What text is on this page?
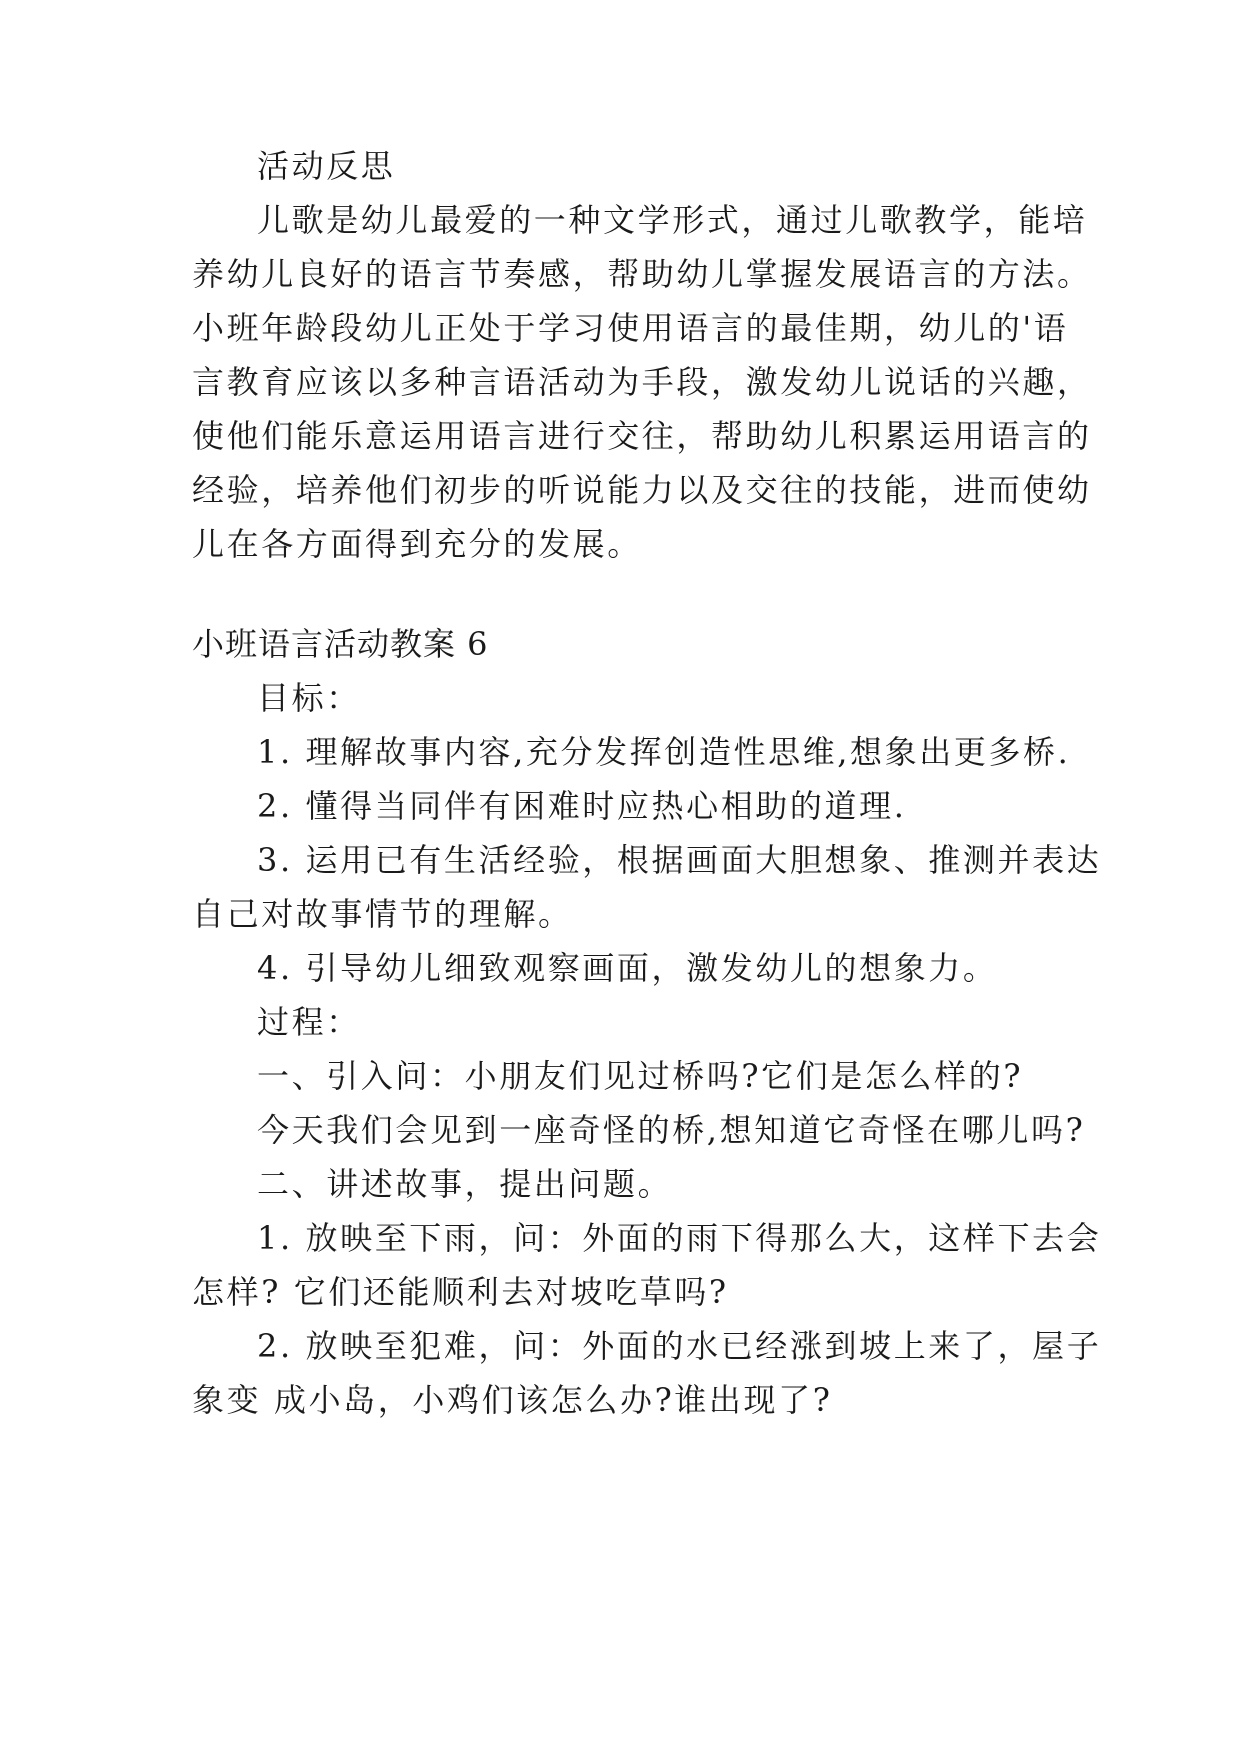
活动反思
儿歌是幼儿最爱的一种文学形式，通过儿歌教学，能培
养幼儿良好的语言节奏感，帮助幼儿掌握发展语言的方法。
小班年龄段幼儿正处于学习使用语言的最佳期，幼儿的'语
言教育应该以多种言语活动为手段，激发幼儿说话的兴趣，
使他们能乐意运用语言进行交往，帮助幼儿积累运用语言的
经验，培养他们初步的听说能力以及交往的技能，进而使幼
儿在各方面得到充分的发展。
小班语言活动教案 6
目标：
1. 理解故事内容,充分发挥创造性思维,想象出更多桥.
2. 懂得当同伴有困难时应热心相助的道理.
3. 运用已有生活经验，根据画面大胆想象、推测并表达
自己对故事情节的理解。
4. 引导幼儿细致观察画面，激发幼儿的想象力。
过程：
一、引入问：小朋友们见过桥吗?它们是怎么样的?
今天我们会见到一座奇怪的桥,想知道它奇怪在哪儿吗?
二、讲述故事，提出问题。
1. 放映至下雨，问：外面的雨下得那么大，这样下去会
怎样? 它们还能顺利去对坡吃草吗?
2. 放映至犯难，问：外面的水已经涨到坡上来了，屋子
象变 成小岛，小鸡们该怎么办?谁出现了?
